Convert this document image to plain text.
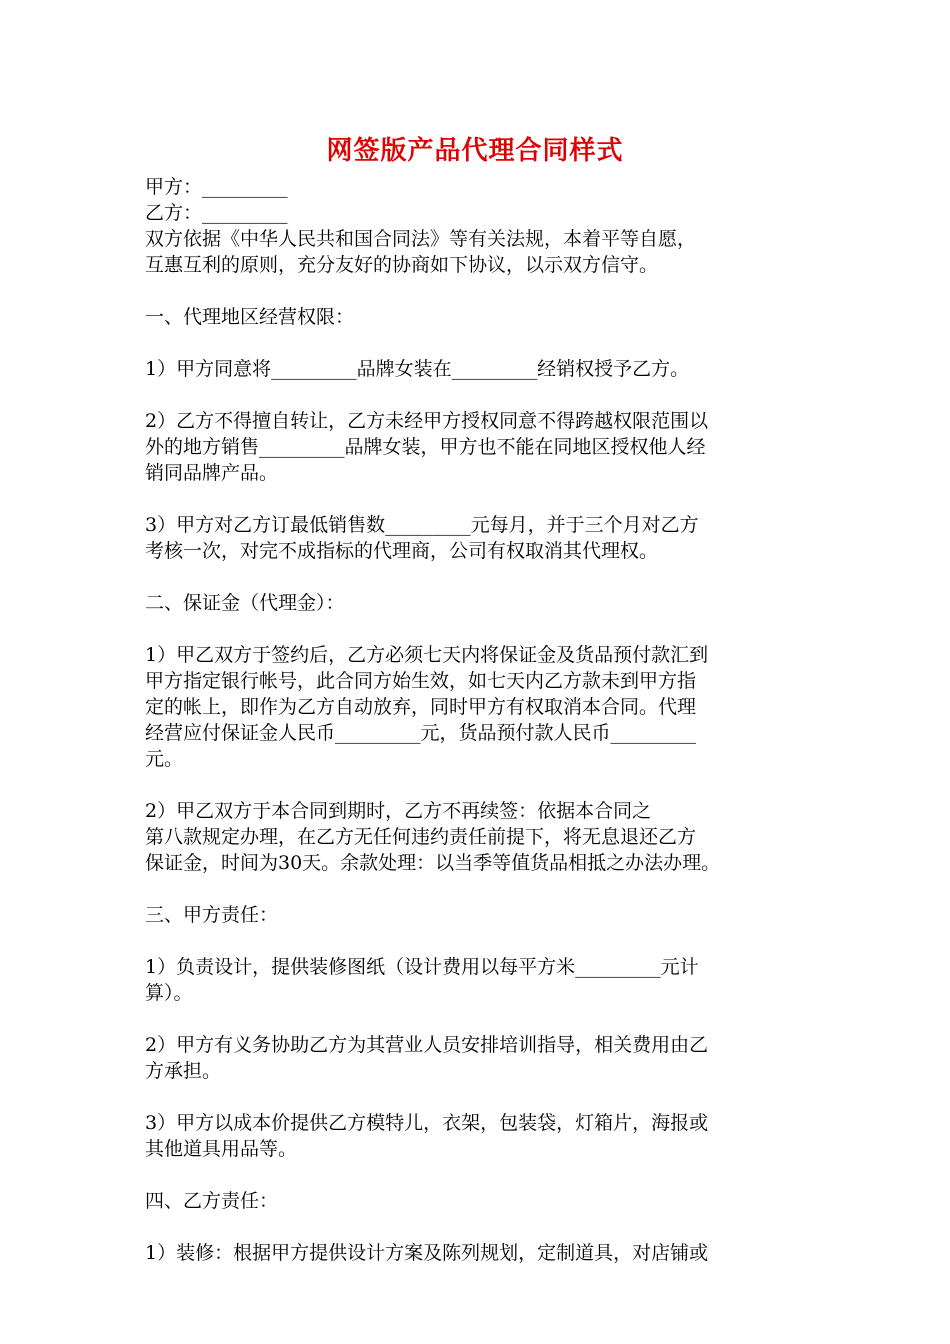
网签版产品代理合同样式
甲方：_________
乙方：_________
双方依据《中华人民共和国合同法》等有关法规，本着平等自愿，
互惠互利的原则，充分友好的协商如下协议，以示双方信守。
一、代理地区经营权限：
1）甲方同意将_________品牌女装在_________经销权授予乙方。
2）乙方不得擅自转让，乙方未经甲方授权同意不得跨越权限范围以
外的地方销售_________品牌女装，甲方也不能在同地区授权他人经
销同品牌产品。
3）甲方对乙方订最低销售数_________元每月，并于三个月对乙方
考核一次，对完不成指标的代理商，公司有权取消其代理权。
二、保证金（代理金）：
1）甲乙双方于签约后，乙方必须七天内将保证金及货品预付款汇到
甲方指定银行帐号，此合同方始生效，如七天内乙方款未到甲方指
定的帐上，即作为乙方自动放弃，同时甲方有权取消本合同。代理
经营应付保证金人民币_________元，货品预付款人民币_________
元。
2）甲乙双方于本合同到期时，乙方不再续签：依据本合同之
第八款规定办理，在乙方无任何违约责任前提下，将无息退还乙方
保证金，时间为30天。余款处理：以当季等值货品相抵之办法办理。
三、甲方责任：
1）负责设计，提供装修图纸（设计费用以每平方米_________元计
算）。
2）甲方有义务协助乙方为其营业人员安排培训指导，相关费用由乙
方承担。
3）甲方以成本价提供乙方模特儿，衣架，包装袋，灯箱片，海报或
其他道具用品等。
四、乙方责任：
1）装修：根据甲方提供设计方案及陈列规划，定制道具，对店铺或
